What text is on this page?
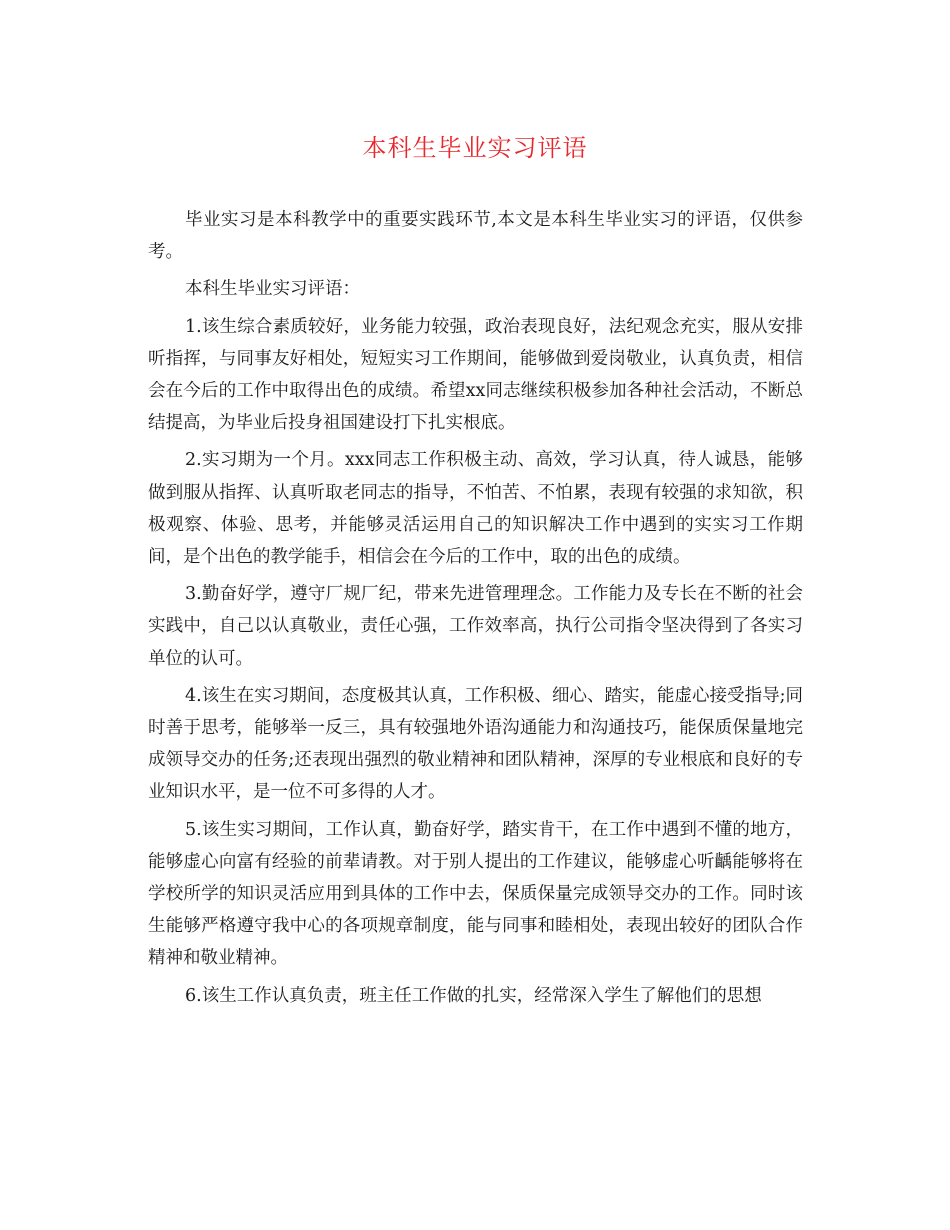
本科生毕业实习评语

毕业实习是本科教学中的重要实践环节,本文是本科生毕业实习的评语，仅供参考。

本科生毕业实习评语：

1.该生综合素质较好，业务能力较强，政治表现良好，法纪观念充实，服从安排听指挥，与同事友好相处，短短实习工作期间，能够做到爱岗敬业，认真负责，相信会在今后的工作中取得出色的成绩。希望xx同志继续积极参加各种社会活动，不断总结提高，为毕业后投身祖国建设打下扎实根底。

2.实习期为一个月。xxx同志工作积极主动、高效，学习认真，待人诚恳，能够做到服从指挥、认真听取老同志的指导，不怕苦、不怕累，表现有较强的求知欲，积极观察、体验、思考，并能够灵活运用自己的知识解决工作中遇到的实实习工作期间，是个出色的教学能手，相信会在今后的工作中，取的出色的成绩。

3.勤奋好学，遵守厂规厂纪，带来先进管理理念。工作能力及专长在不断的社会实践中，自己以认真敬业，责任心强，工作效率高，执行公司指令坚决得到了各实习单位的认可。

4.该生在实习期间，态度极其认真，工作积极、细心、踏实，能虚心接受指导;同时善于思考，能够举一反三，具有较强地外语沟通能力和沟通技巧，能保质保量地完成领导交办的任务;还表现出强烈的敬业精神和团队精神，深厚的专业根底和良好的专业知识水平，是一位不可多得的人才。

5.该生实习期间，工作认真，勤奋好学，踏实肯干，在工作中遇到不懂的地方，能够虚心向富有经验的前辈请教。对于别人提出的工作建议，能够虚心听齲能够将在学校所学的知识灵活应用到具体的工作中去，保质保量完成领导交办的工作。同时该生能够严格遵守我中心的各项规章制度，能与同事和睦相处，表现出较好的团队合作精神和敬业精神。

6.该生工作认真负责，班主任工作做的扎实，经常深入学生了解他们的思想
